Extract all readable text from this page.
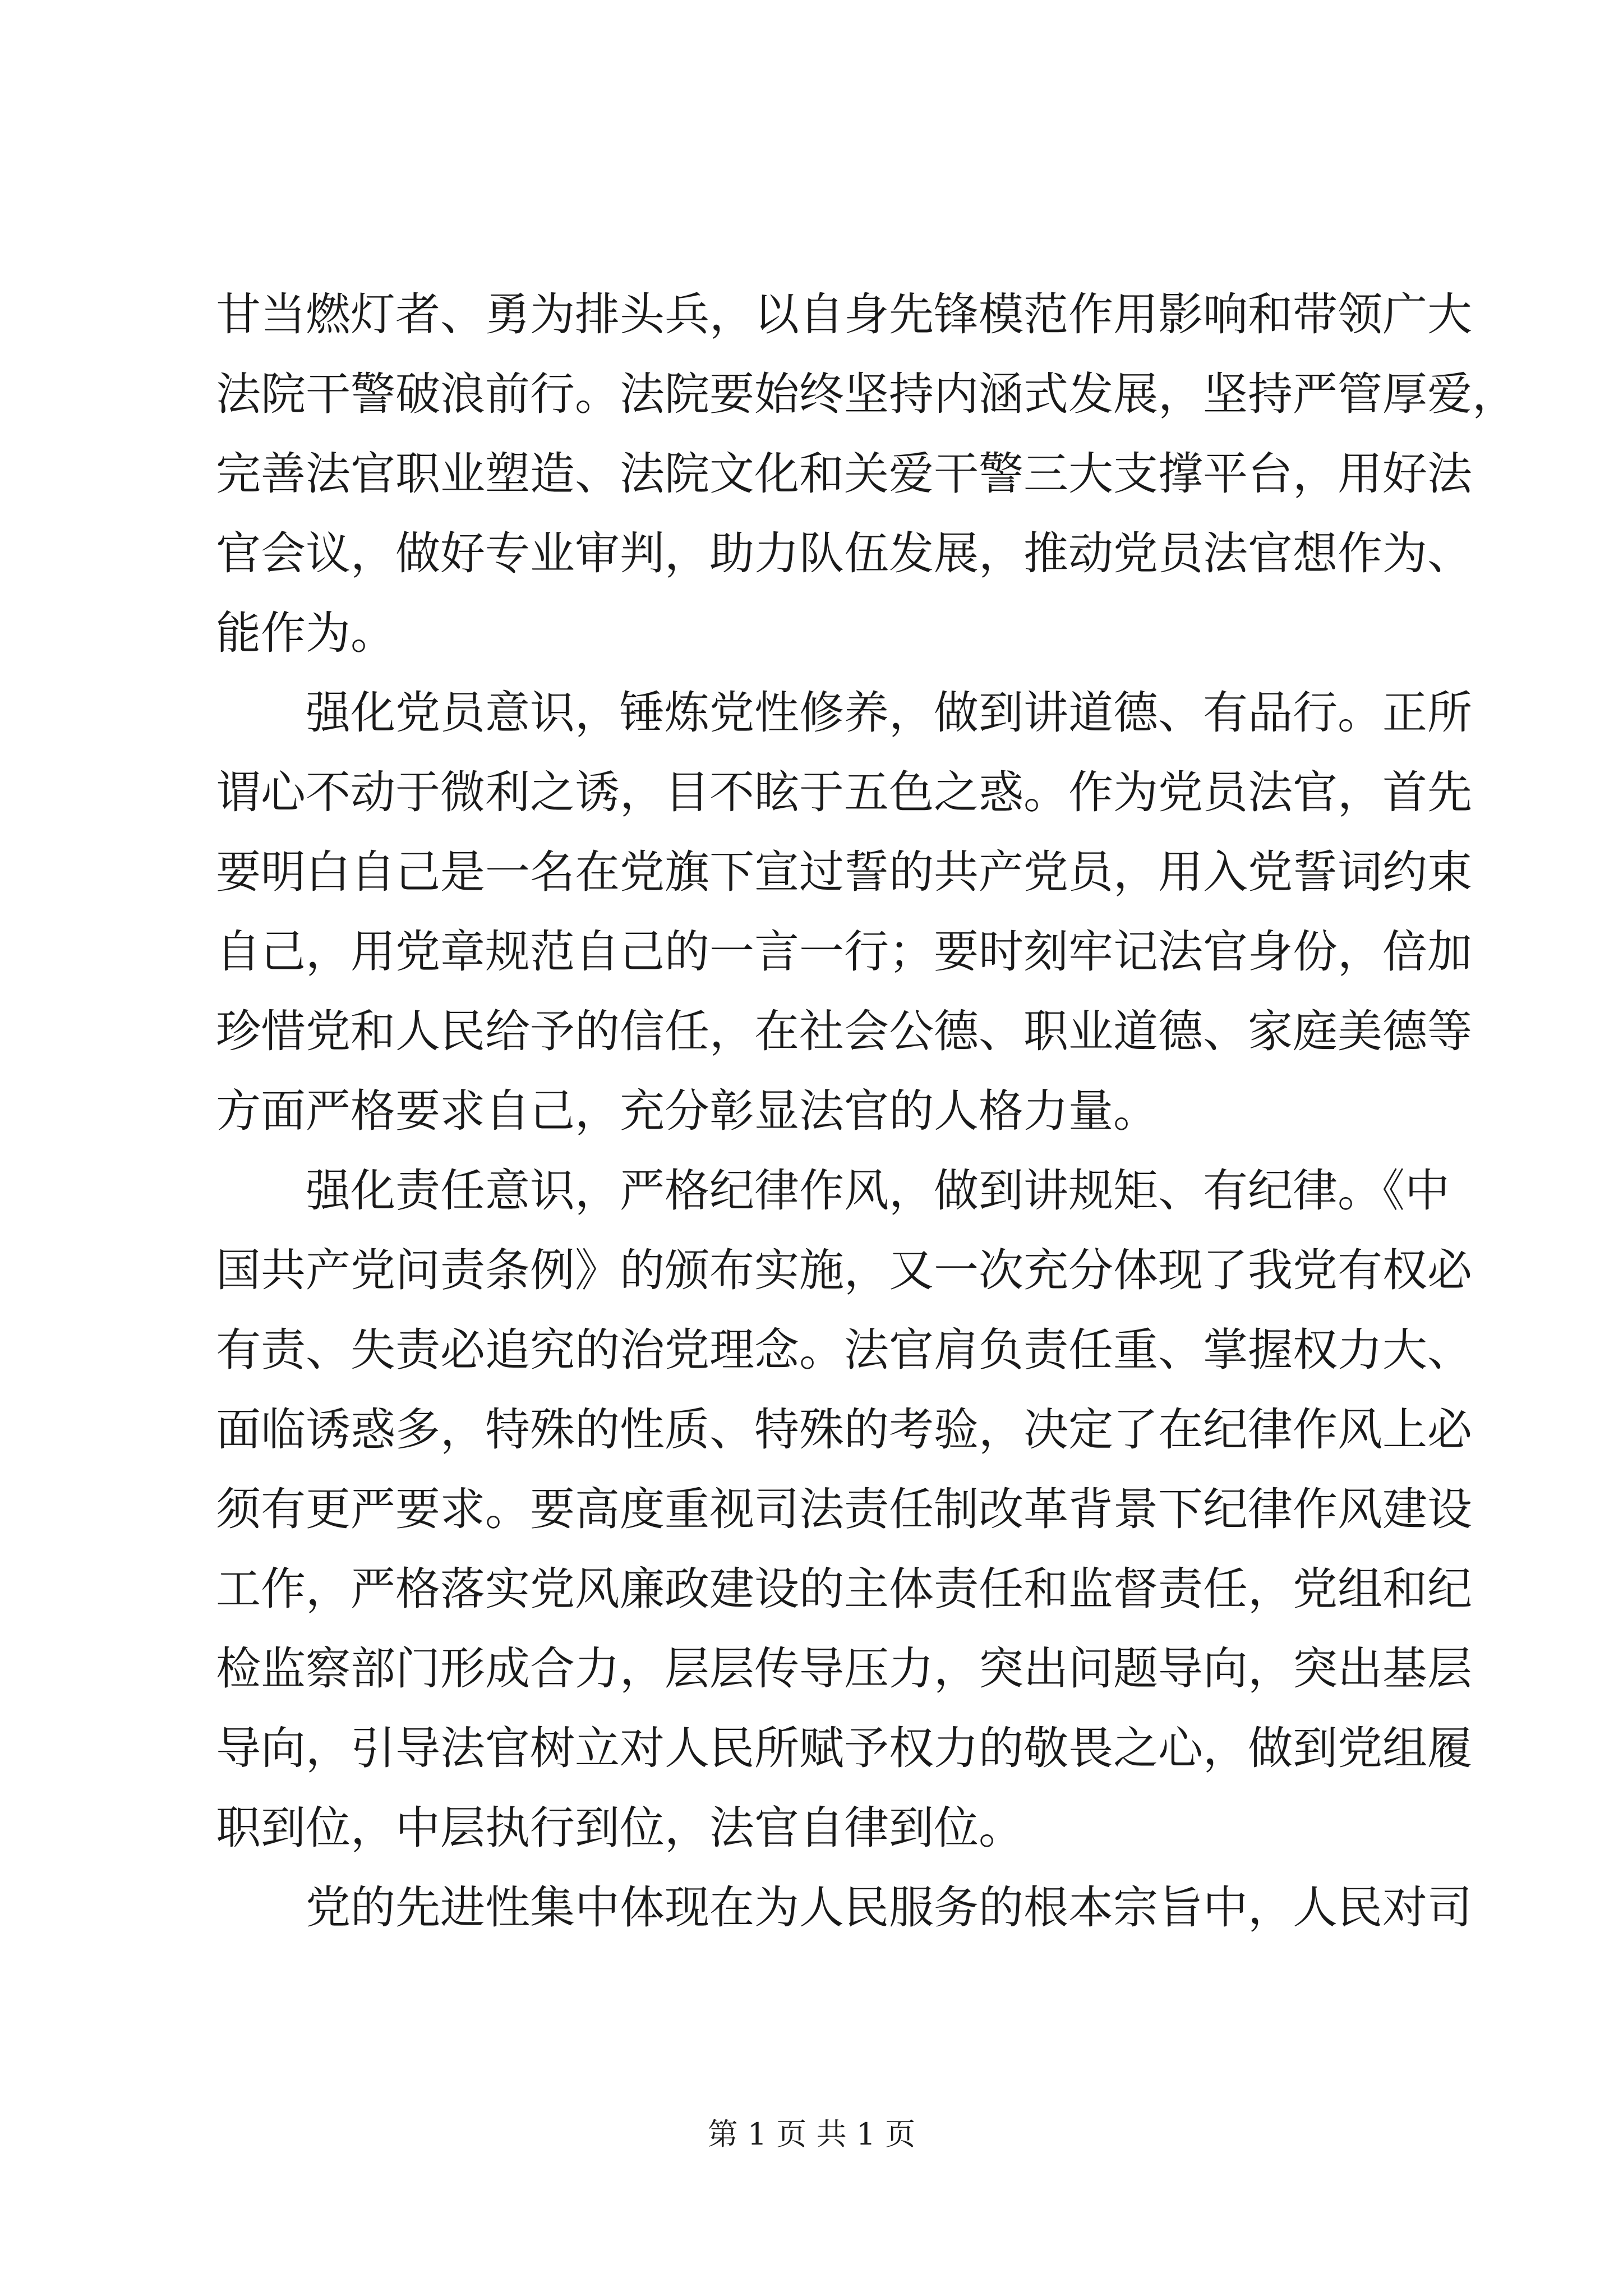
甘当燃灯者、勇为排头兵，以自身先锋模范作用影响和带领广大
法院干警破浪前行。法院要始终坚持内涵式发展，坚持严管厚爱，
完善法官职业塑造、法院文化和关爱干警三大支撑平台，用好法
官会议，做好专业审判，助力队伍发展，推动党员法官想作为、
能作为。
强化党员意识，锤炼党性修养，做到讲道德、有品行。正所
谓心不动于微利之诱，目不眩于五色之惑。作为党员法官，首先
要明白自己是一名在党旗下宣过誓的共产党员，用入党誓词约束
自己，用党章规范自己的一言一行；要时刻牢记法官身份，倍加
珍惜党和人民给予的信任，在社会公德、职业道德、家庭美德等
方面严格要求自己，充分彰显法官的人格力量。
强化责任意识，严格纪律作风，做到讲规矩、有纪律。《中
国共产党问责条例》的颁布实施，又一次充分体现了我党有权必
有责、失责必追究的治党理念。法官肩负责任重、掌握权力大、
面临诱惑多，特殊的性质、特殊的考验，决定了在纪律作风上必
须有更严要求。要高度重视司法责任制改革背景下纪律作风建设
工作，严格落实党风廉政建设的主体责任和监督责任，党组和纪
检监察部门形成合力，层层传导压力，突出问题导向，突出基层
导向，引导法官树立对人民所赋予权力的敬畏之心，做到党组履
职到位，中层执行到位，法官自律到位。
党的先进性集中体现在为人民服务的根本宗旨中，人民对司
第 1 页 共 1 页
